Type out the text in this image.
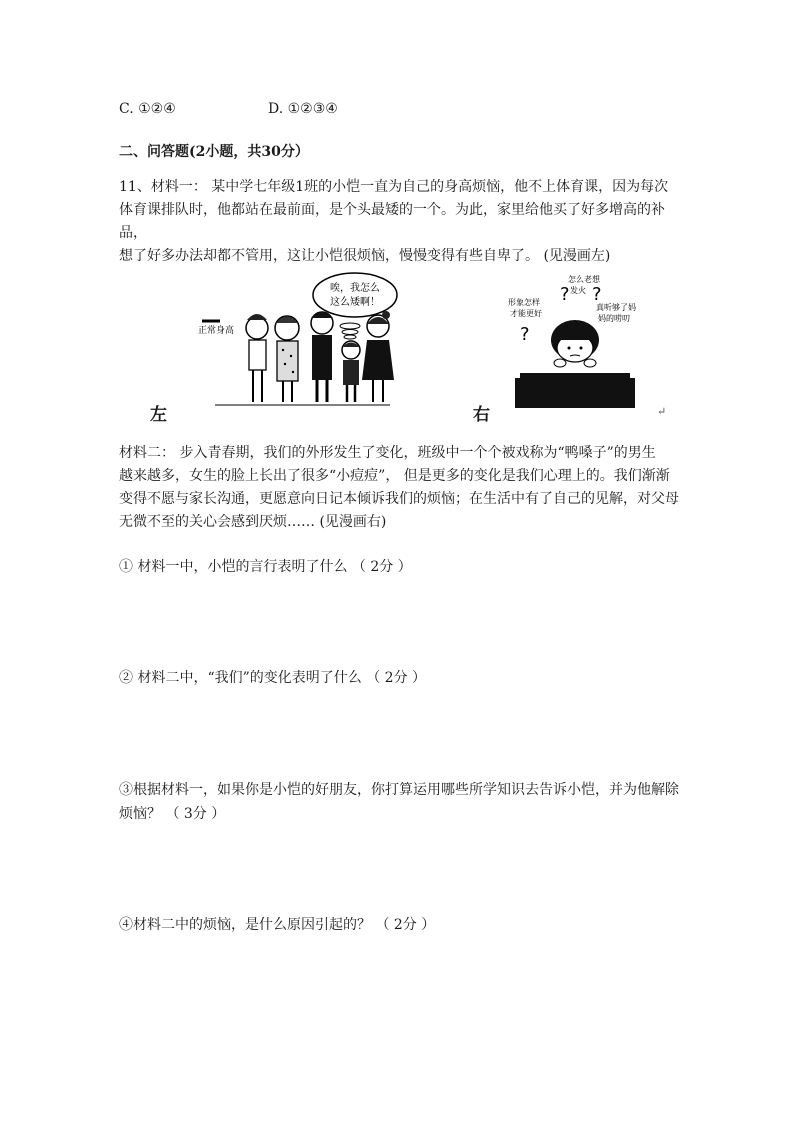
C. ①②④	D. ①②③④
二、问答题(2小题，共30分）
11、材料一： 某中学七年级1班的小恺一直为自己的身高烦恼，他不上体育课，因为每次
体育课排队时，他都站在最前面，是个头最矮的一个。为此，家里给他买了好多增高的补品，
想了好多办法却都不管用，这让小恺很烦恼，慢慢变得有些自卑了。 (见漫画左)
唉，我怎么
这么矮啊！
正常身高
左
怎么老想
发火
? ?
形象怎样
才能更好
真听够了妈
妈的唠叨
?
右	↵
材料二： 步入青春期，我们的外形发生了变化，班级中一个个被戏称为“鸭嗓子”的男生
越来越多，女生的脸上长出了很多“小痘痘”， 但是更多的变化是我们心理上的。我们渐渐
变得不愿与家长沟通，更愿意向日记本倾诉我们的烦恼；在生活中有了自己的见解，对父母
无微不至的关心会感到厌烦…… (见漫画右)
① 材料一中，小恺的言行表明了什么 （ 2分 ）
② 材料二中，“我们”的变化表明了什么 （ 2分 ）
③根据材料一，如果你是小恺的好朋友，你打算运用哪些所学知识去告诉小恺，并为他解除
烦恼？ （ 3分 ）
④材料二中的烦恼，是什么原因引起的？ （ 2分 ）
